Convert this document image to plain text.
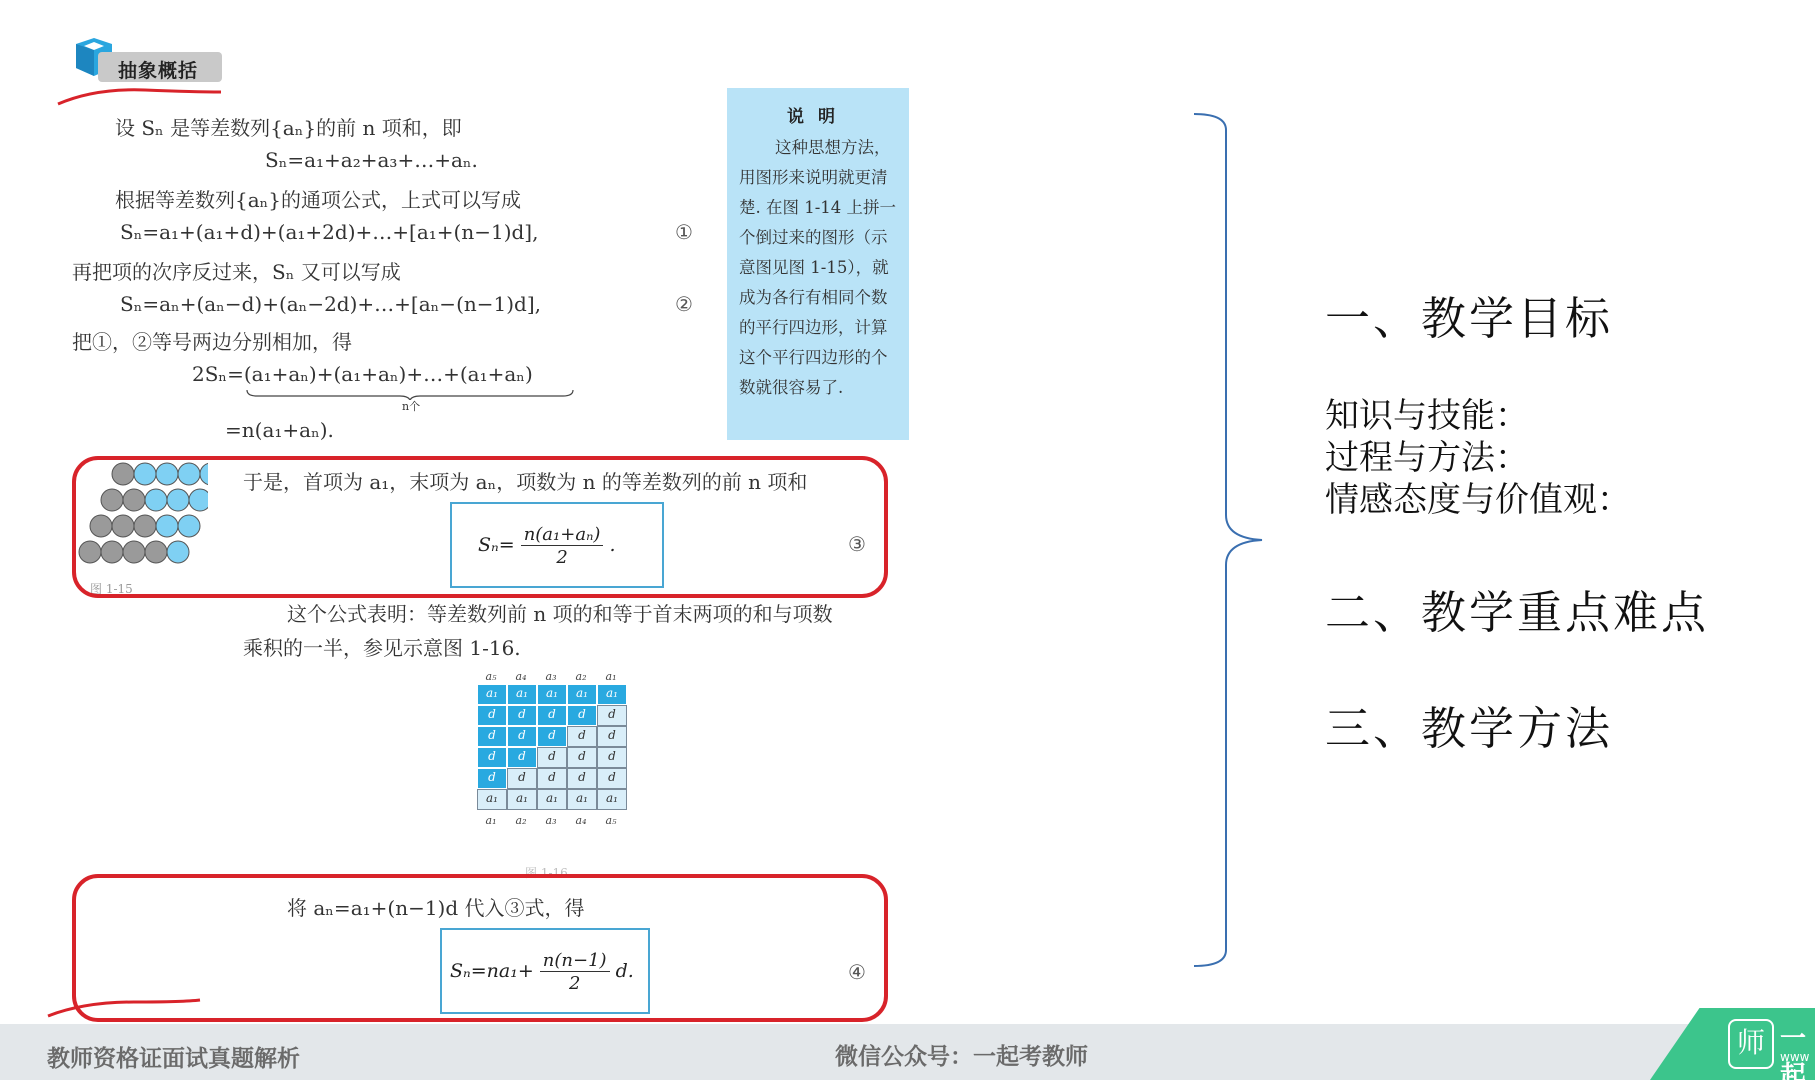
抽象概括
设 Sₙ 是等差数列{aₙ}的前 n 项和，即
Sₙ=a₁+a₂+a₃+…+aₙ.
根据等差数列{aₙ}的通项公式，上式可以写成
Sₙ=a₁+(a₁+d)+(a₁+2d)+…+[a₁+(n−1)d],	①
再把项的次序反过来，Sₙ 又可以写成
Sₙ=aₙ+(aₙ−d)+(aₙ−2d)+…+[aₙ−(n−1)d],	②
把①，②等号两边分别相加，得
2Sₙ=(a₁+aₙ)+(a₁+aₙ)+…+(a₁+aₙ)
n个
=n(a₁+aₙ).
说明
这种思想方法，用图形来说明就更清楚. 在图 1-14 上拼一个倒过来的图形（示意图见图 1-15），就成为各行有相同个数的平行四边形，计算这个平行四边形的个数就很容易了.
图 1-15
于是，首项为 a₁，末项为 aₙ，项数为 n 的等差数列的前 n 项和
$S_n= \frac{\text{n(a₁+aₙ)}}{2}$ .	③
这个公式表明：等差数列前 n 项的和等于首末两项的和与项数
乘积的一半，参见示意图 1-16.
a₅	a₄	a₃	a₂	a₁
a₁	a₁	a₁	a₁	a₁
d	d	d	d	d
d	d	d	d	d
d	d	d	d	d
d	d	d	d	d
a₁	a₁	a₁	a₁	a₁
a₁	a₂	a₃	a₄	a₅
图 1-16
将 aₙ=a₁+(n−1)d 代入③式，得
$S_n=na_1+ \frac{n(n-1)}{2} d$.	④
一、教学目标
知识与技能：
过程与方法：
情感态度与价值观：
二、教学重点难点
三、教学方法
教师资格证面试真题解析	微信公众号：一起考教师	师 一起
www
